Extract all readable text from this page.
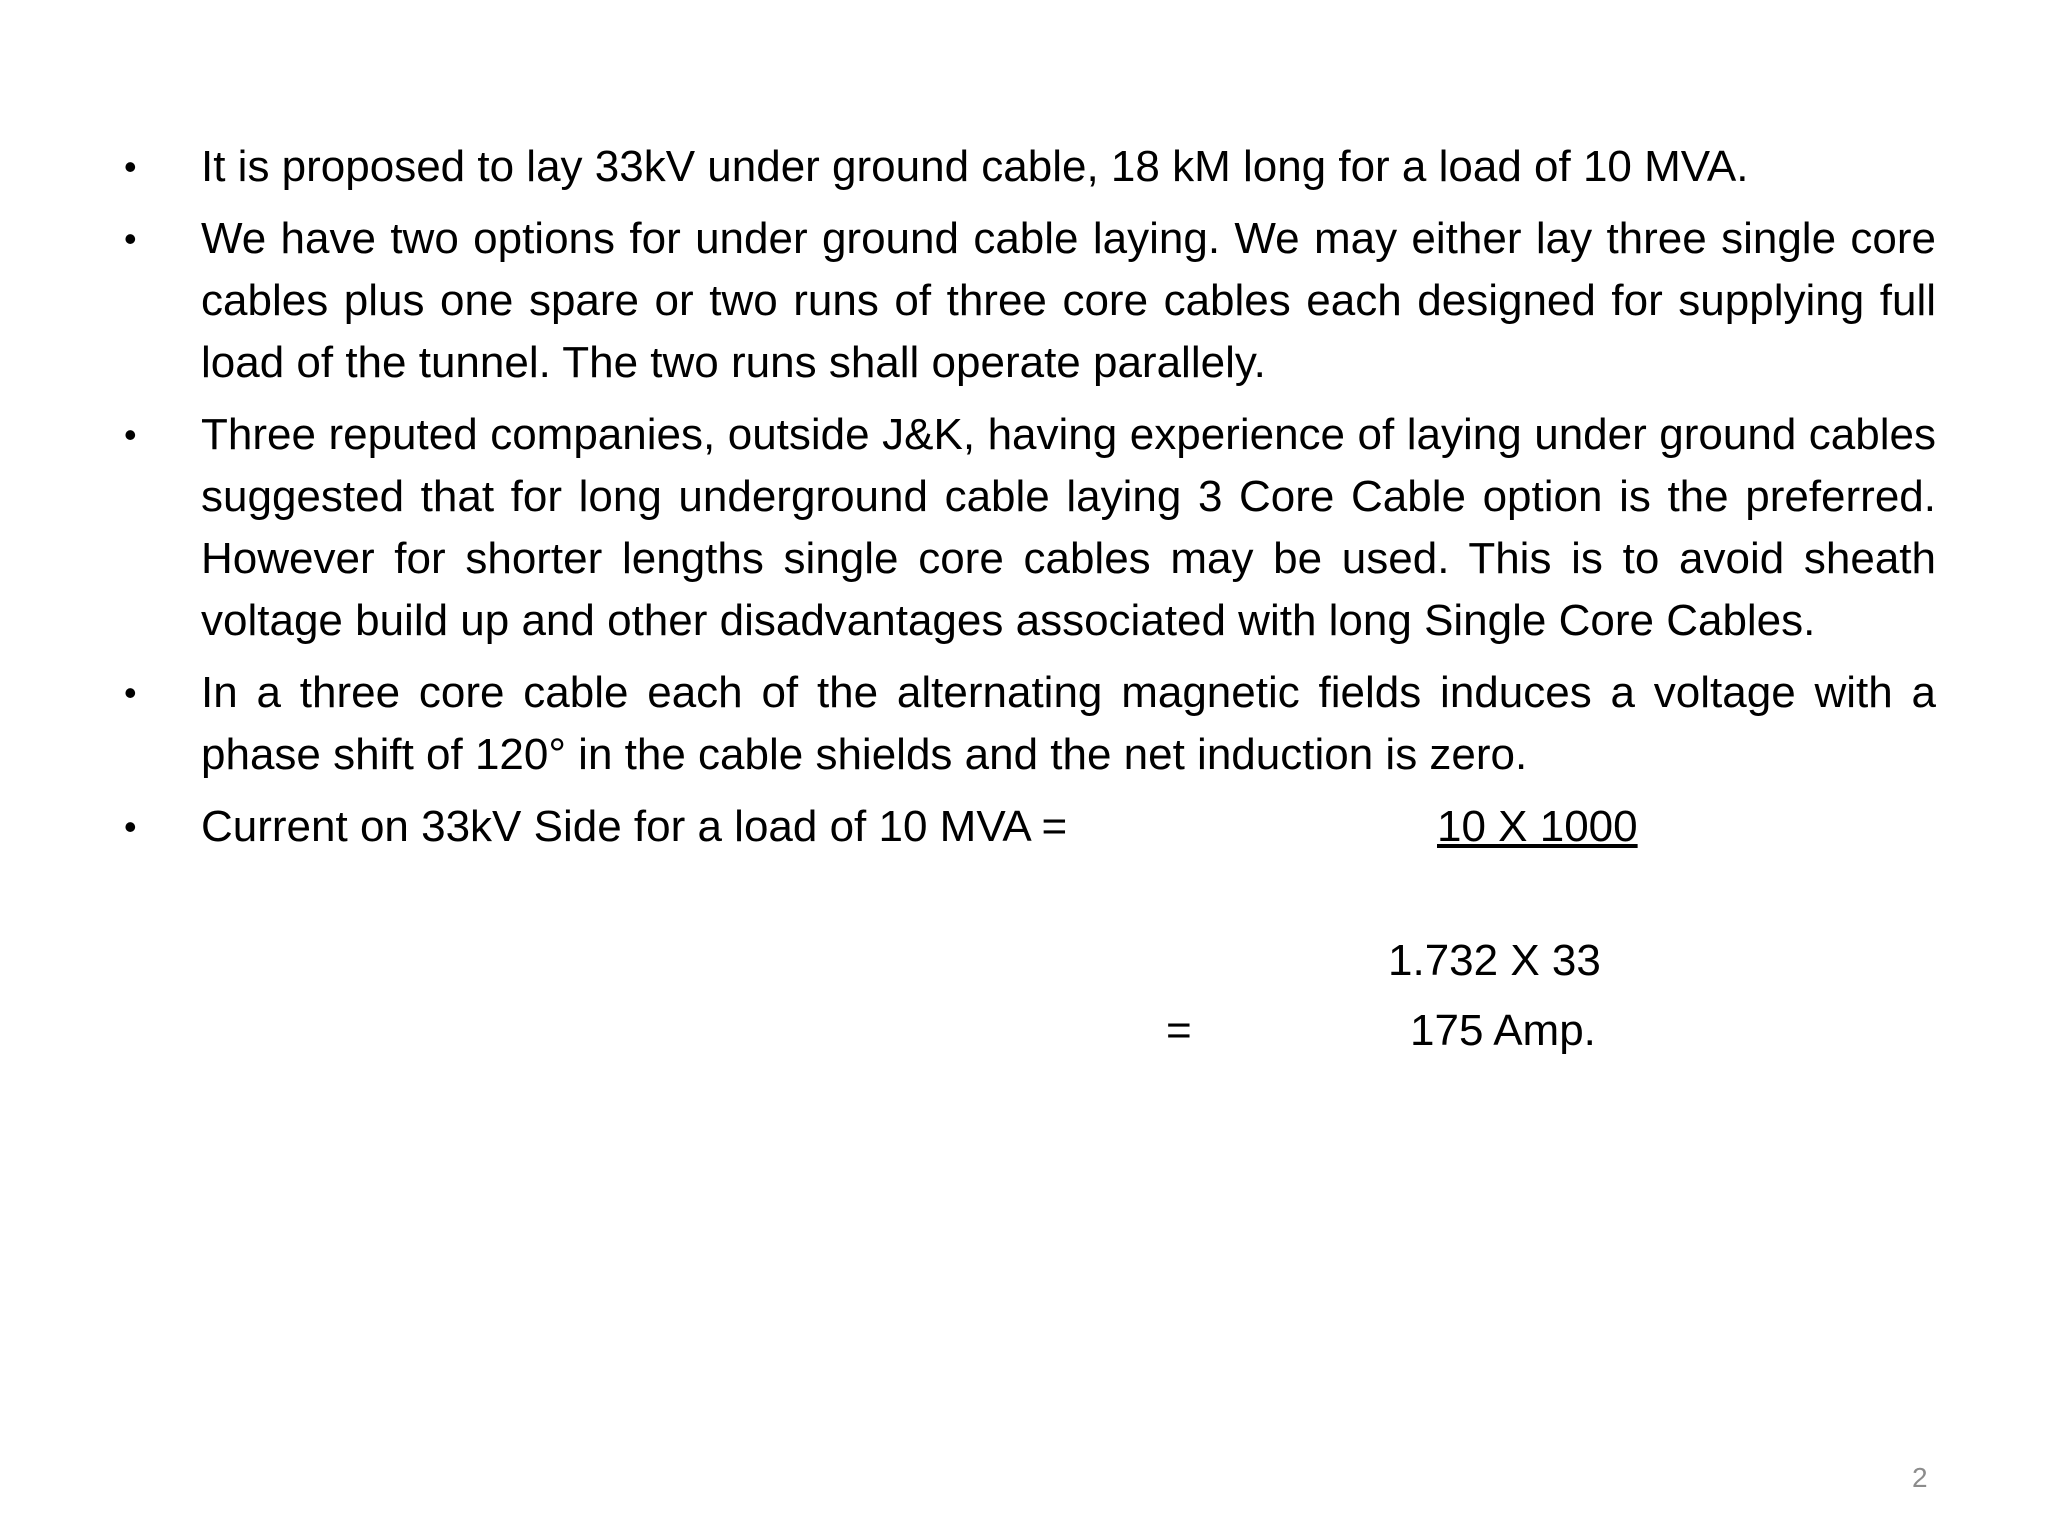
•	It is proposed to lay 33kV under ground cable, 18 kM long for a load of 10 MVA.
•	We have two options for under ground cable laying. We may either lay three single core cables plus one spare or two runs of three core cables each designed for supplying full load of the tunnel. The two runs shall operate parallely.
•	Three reputed companies, outside J&K, having experience of laying under ground cables suggested that for long underground cable laying 3 Core Cable option is the preferred. However for shorter lengths single core cables may be used. This is to avoid sheath voltage build up and other disadvantages associated with long Single Core Cables.
•	In a three core cable each of the alternating magnetic fields induces a voltage with a phase shift of 120° in the cable shields and the net induction is zero.
•	Current on 33kV Side for a load of 10 MVA =	10 X 1000
1.732 X 33
=	175 Amp.
2
